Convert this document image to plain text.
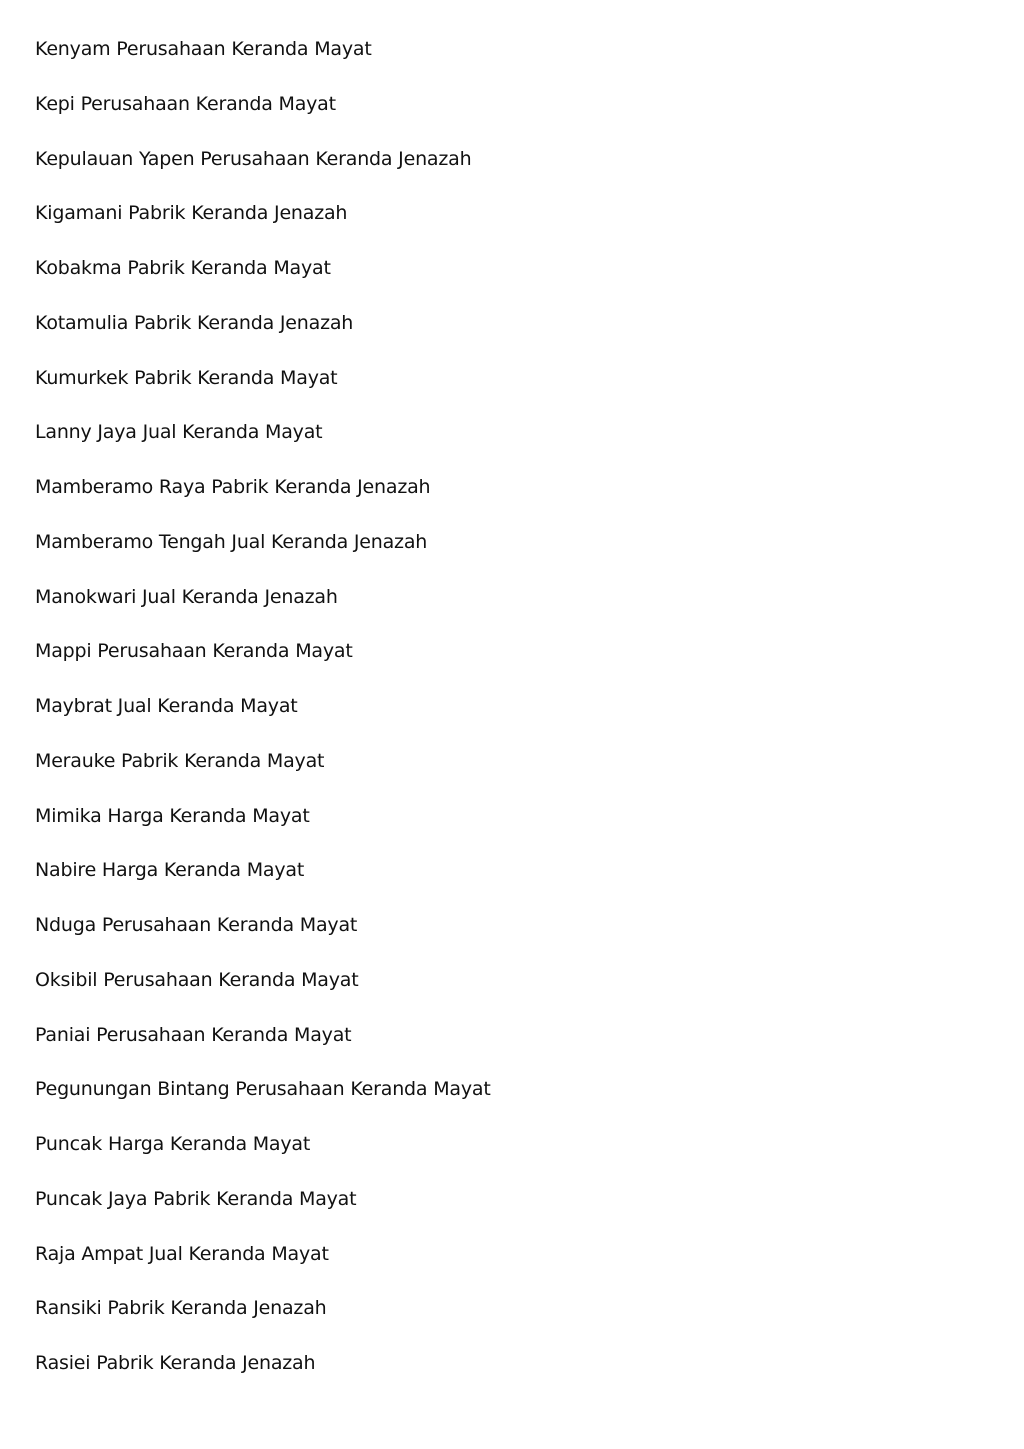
Kenyam Perusahaan Keranda Mayat
Kepi Perusahaan Keranda Mayat
Kepulauan Yapen Perusahaan Keranda Jenazah
Kigamani Pabrik Keranda Jenazah
Kobakma Pabrik Keranda Mayat
Kotamulia Pabrik Keranda Jenazah
Kumurkek Pabrik Keranda Mayat
Lanny Jaya Jual Keranda Mayat
Mamberamo Raya Pabrik Keranda Jenazah
Mamberamo Tengah Jual Keranda Jenazah
Manokwari Jual Keranda Jenazah
Mappi Perusahaan Keranda Mayat
Maybrat Jual Keranda Mayat
Merauke Pabrik Keranda Mayat
Mimika Harga Keranda Mayat
Nabire Harga Keranda Mayat
Nduga Perusahaan Keranda Mayat
Oksibil Perusahaan Keranda Mayat
Paniai Perusahaan Keranda Mayat
Pegunungan Bintang Perusahaan Keranda Mayat
Puncak Harga Keranda Mayat
Puncak Jaya Pabrik Keranda Mayat
Raja Ampat Jual Keranda Mayat
Ransiki Pabrik Keranda Jenazah
Rasiei Pabrik Keranda Jenazah
